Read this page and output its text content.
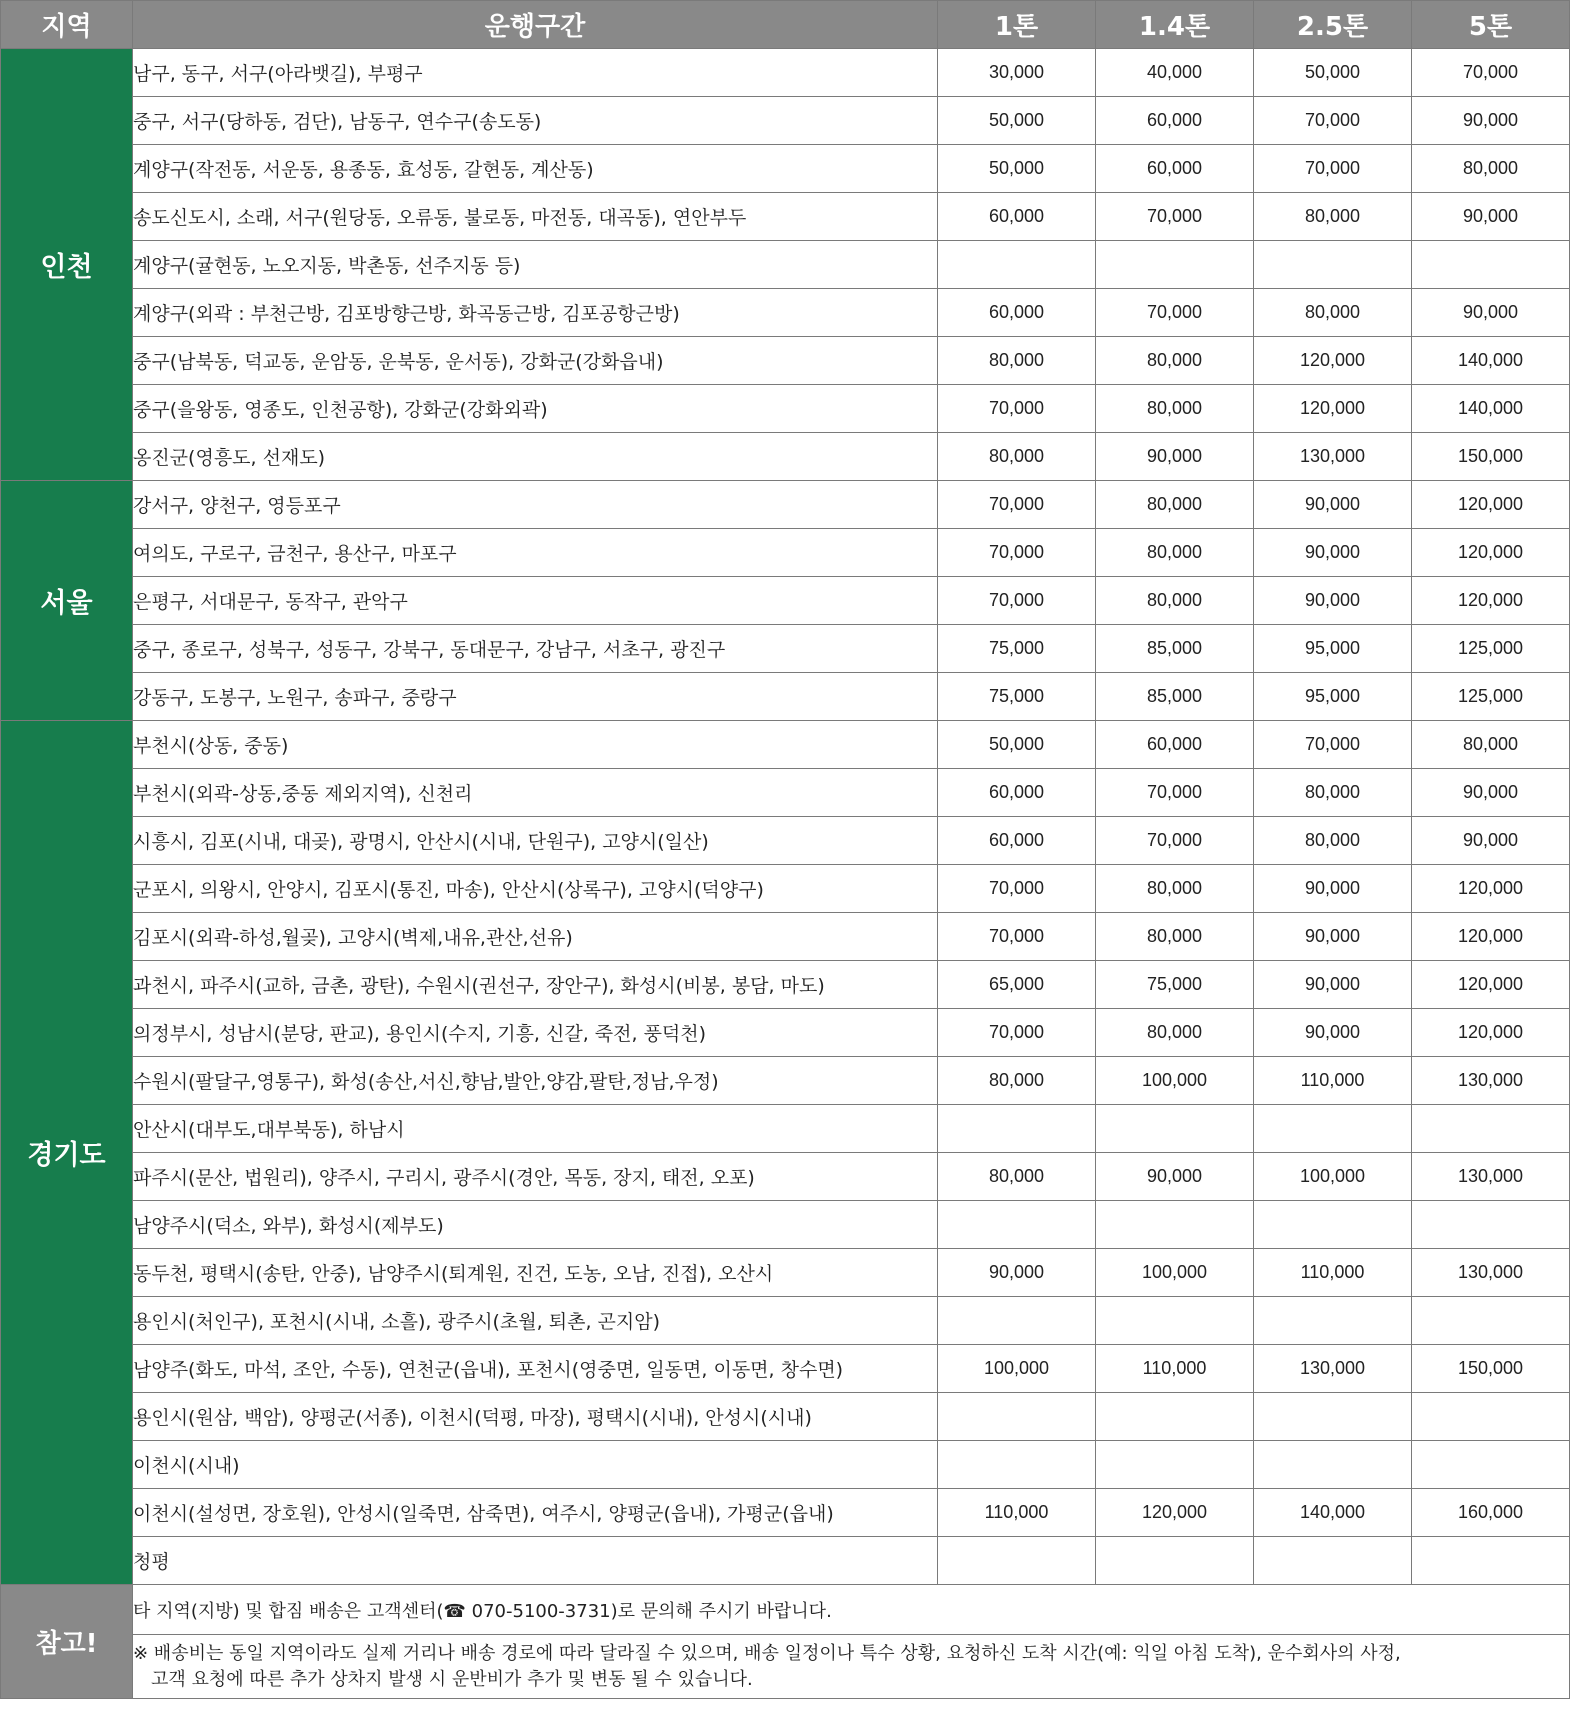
지역	운행구간	1톤	1.4톤	2.5톤	5톤
인천	남구, 동구, 서구(아라뱃길), 부평구	30,000	40,000	50,000	70,000
	중구, 서구(당하동, 검단), 남동구, 연수구(송도동)	50,000	60,000	70,000	90,000
	계양구(작전동, 서운동, 용종동, 효성동, 갈현동, 계산동)	50,000	60,000	70,000	80,000
	송도신도시, 소래, 서구(원당동, 오류동, 불로동, 마전동, 대곡동), 연안부두	60,000	70,000	80,000	90,000
	계양구(귤현동, 노오지동, 박촌동, 선주지동 등)				
	계양구(외곽 : 부천근방, 김포방향근방, 화곡동근방, 김포공항근방)	60,000	70,000	80,000	90,000
	중구(남북동, 덕교동, 운암동, 운북동, 운서동), 강화군(강화읍내)	80,000	80,000	120,000	140,000
	중구(을왕동, 영종도, 인천공항), 강화군(강화외곽)	70,000	80,000	120,000	140,000
	옹진군(영흥도, 선재도)	80,000	90,000	130,000	150,000
서울	강서구, 양천구, 영등포구	70,000	80,000	90,000	120,000
	여의도, 구로구, 금천구, 용산구, 마포구	70,000	80,000	90,000	120,000
	은평구, 서대문구, 동작구, 관악구	70,000	80,000	90,000	120,000
	중구, 종로구, 성북구, 성동구, 강북구, 동대문구, 강남구, 서초구, 광진구	75,000	85,000	95,000	125,000
	강동구, 도봉구, 노원구, 송파구, 중랑구	75,000	85,000	95,000	125,000
경기도	부천시(상동, 중동)	50,000	60,000	70,000	80,000
	부천시(외곽-상동,중동 제외지역), 신천리	60,000	70,000	80,000	90,000
	시흥시, 김포(시내, 대곶), 광명시, 안산시(시내, 단원구), 고양시(일산)	60,000	70,000	80,000	90,000
	군포시, 의왕시, 안양시, 김포시(통진, 마송), 안산시(상록구), 고양시(덕양구)	70,000	80,000	90,000	120,000
	김포시(외곽-하성,월곶), 고양시(벽제,내유,관산,선유)	70,000	80,000	90,000	120,000
	과천시, 파주시(교하, 금촌, 광탄), 수원시(권선구, 장안구), 화성시(비봉, 봉담, 마도)	65,000	75,000	90,000	120,000
	의정부시, 성남시(분당, 판교), 용인시(수지, 기흥, 신갈, 죽전, 풍덕천)	70,000	80,000	90,000	120,000
	수원시(팔달구,영통구), 화성(송산,서신,향남,발안,양감,팔탄,정남,우정)	80,000	100,000	110,000	130,000
	안산시(대부도,대부북동), 하남시				
	파주시(문산, 법원리), 양주시, 구리시, 광주시(경안, 목동, 장지, 태전, 오포)	80,000	90,000	100,000	130,000
	남양주시(덕소, 와부), 화성시(제부도)				
	동두천, 평택시(송탄, 안중), 남양주시(퇴계원, 진건, 도농, 오남, 진접), 오산시	90,000	100,000	110,000	130,000
	용인시(처인구), 포천시(시내, 소흘), 광주시(초월, 퇴촌, 곤지암)				
	남양주(화도, 마석, 조안, 수동), 연천군(읍내), 포천시(영중면, 일동면, 이동면, 창수면)	100,000	110,000	130,000	150,000
	용인시(원삼, 백암), 양평군(서종), 이천시(덕평, 마장), 평택시(시내), 안성시(시내)				
	이천시(시내)				
	이천시(설성면, 장호원), 안성시(일죽면, 삼죽면), 여주시, 양평군(읍내), 가평군(읍내)	110,000	120,000	140,000	160,000
	청평				
참고!	타 지역(지방) 및 합짐 배송은 고객센터(☎ 070-5100-3731)로 문의해 주시기 바랍니다.				
	※ 배송비는 동일 지역이라도 실제 거리나 배송 경로에 따라 달라질 수 있으며, 배송 일정이나 특수 상황, 요청하신 도착 시간(예: 익일 아침 도착), 운수회사의 사정,
고객 요청에 따른 추가 상차지 발생 시 운반비가 추가 및 변동 될 수 있습니다.				
